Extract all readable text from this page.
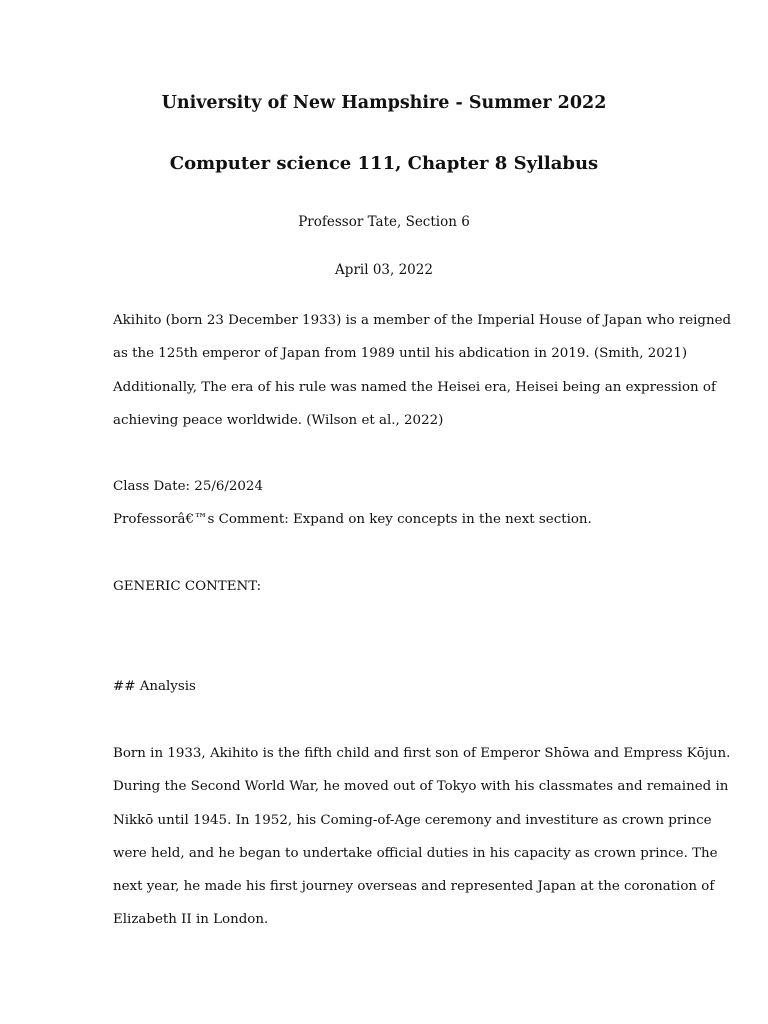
University of New Hampshire - Summer 2022
Computer science 111, Chapter 8 Syllabus
Professor Tate, Section 6
April 03, 2022

Akihito (born 23 December 1933) is a member of the Imperial House of Japan who reigned
as the 125th emperor of Japan from 1989 until his abdication in 2019. (Smith, 2021)
Additionally, The era of his rule was named the Heisei era, Heisei being an expression of
achieving peace worldwide. (Wilson et al., 2022)

Class Date: 25/6/2024
Professorâ€™s Comment: Expand on key concepts in the next section.
GENERIC CONTENT:
## Analysis

Born in 1933, Akihito is the fifth child and first son of Emperor Shōwa and Empress Kōjun.
During the Second World War, he moved out of Tokyo with his classmates and remained in
Nikkō until 1945. In 1952, his Coming-of-Age ceremony and investiture as crown prince
were held, and he began to undertake official duties in his capacity as crown prince. The
next year, he made his first journey overseas and represented Japan at the coronation of
Elizabeth II in London.
